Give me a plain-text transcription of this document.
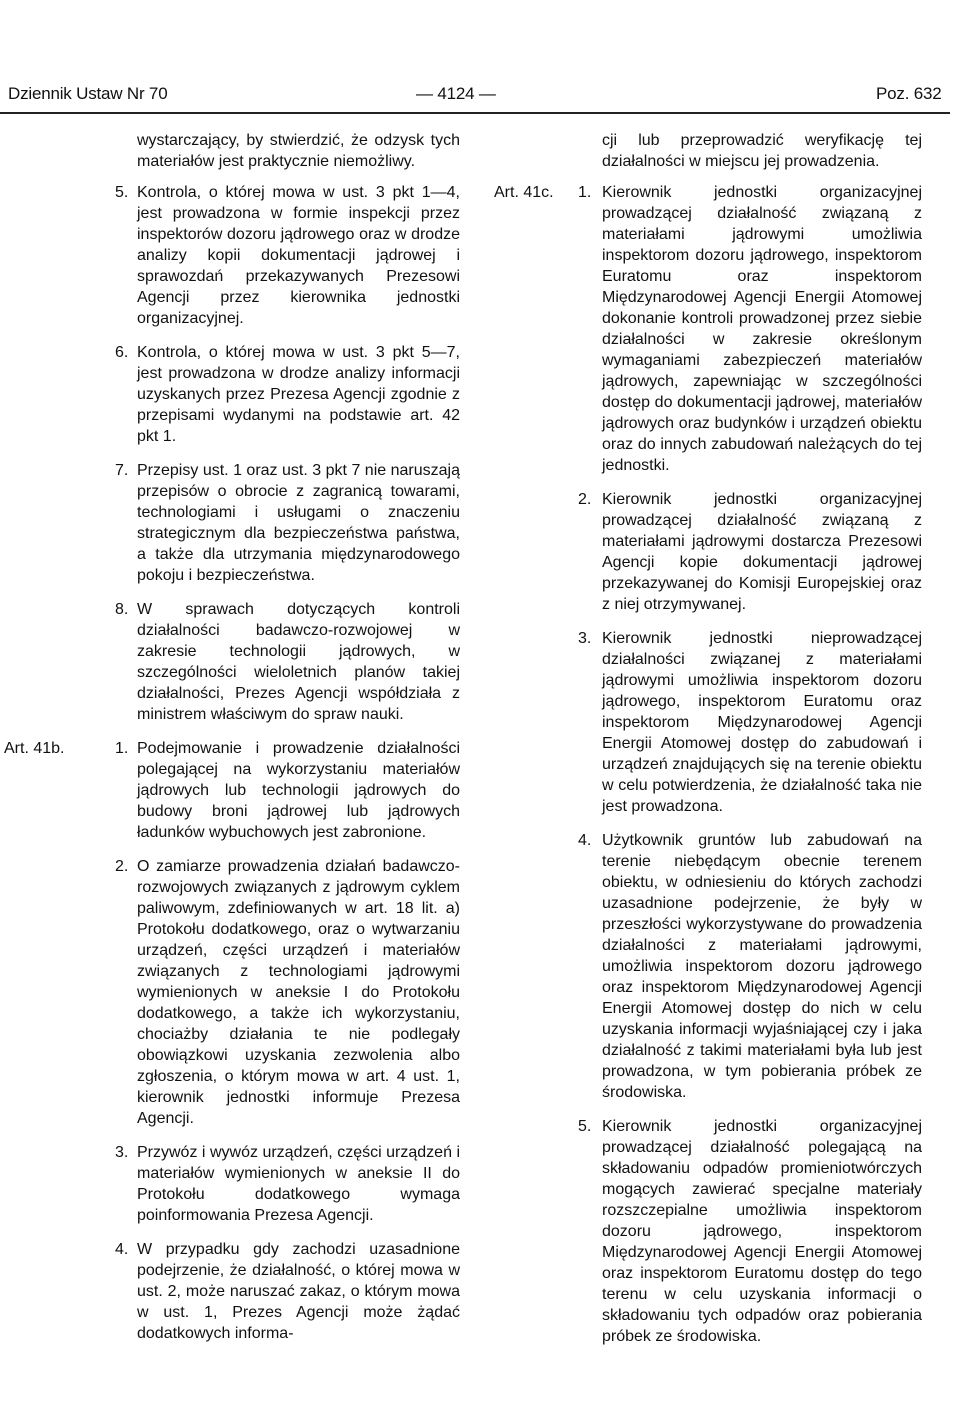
Dziennik Ustaw Nr 70	— 4124 —	Poz. 632
wystarczający, by stwierdzić, że odzysk tych materiałów jest praktycznie niemożliwy.
5. Kontrola, o której mowa w ust. 3 pkt 1—4, jest prowadzona w formie inspekcji przez inspektorów dozoru jądrowego oraz w drodze analizy kopii dokumentacji jądrowej i sprawozdań przekazywanych Prezesowi Agencji przez kierownika jednostki organizacyjnej.
6. Kontrola, o której mowa w ust. 3 pkt 5—7, jest prowadzona w drodze analizy informacji uzyskanych przez Prezesa Agencji zgodnie z przepisami wydanymi na podstawie art. 42 pkt 1.
7. Przepisy ust. 1 oraz ust. 3 pkt 7 nie naruszają przepisów o obrocie z zagranicą towarami, technologiami i usługami o znaczeniu strategicznym dla bezpieczeństwa państwa, a także dla utrzymania międzynarodowego pokoju i bezpieczeństwa.
8. W sprawach dotyczących kontroli działalności badawczo-rozwojowej w zakresie technologii jądrowych, w szczególności wieloletnich planów takiej działalności, Prezes Agencji współdziała z ministrem właściwym do spraw nauki.
Art. 41b.	1. Podejmowanie i prowadzenie działalności polegającej na wykorzystaniu materiałów jądrowych lub technologii jądrowych do budowy broni jądrowej lub jądrowych ładunków wybuchowych jest zabronione.
2. O zamiarze prowadzenia działań badawczo-rozwojowych związanych z jądrowym cyklem paliwowym, zdefiniowanych w art. 18 lit. a) Protokołu dodatkowego, oraz o wytwarzaniu urządzeń, części urządzeń i materiałów związanych z technologiami jądrowymi wymienionych w aneksie I do Protokołu dodatkowego, a także ich wykorzystaniu, chociażby działania te nie podlegały obowiązkowi uzyskania zezwolenia albo zgłoszenia, o którym mowa w art. 4 ust. 1, kierownik jednostki informuje Prezesa Agencji.
3. Przywóz i wywóz urządzeń, części urządzeń i materiałów wymienionych w aneksie II do Protokołu dodatkowego wymaga poinformowania Prezesa Agencji.
4. W przypadku gdy zachodzi uzasadnione podejrzenie, że działalność, o której mowa w ust. 2, może naruszać zakaz, o którym mowa w ust. 1, Prezes Agencji może żądać dodatkowych informa-
cji lub przeprowadzić weryfikację tej działalności w miejscu jej prowadzenia.
Art. 41c. 1. Kierownik jednostki organizacyjnej prowadzącej działalność związaną z materiałami jądrowymi umożliwia inspektorom dozoru jądrowego, inspektorom Euratomu oraz inspektorom Międzynarodowej Agencji Energii Atomowej dokonanie kontroli prowadzonej przez siebie działalności w zakresie określonym wymaganiami zabezpieczeń materiałów jądrowych, zapewniając w szczególności dostęp do dokumentacji jądrowej, materiałów jądrowych oraz budynków i urządzeń obiektu oraz do innych zabudowań należących do tej jednostki.
2. Kierownik jednostki organizacyjnej prowadzącej działalność związaną z materiałami jądrowymi dostarcza Prezesowi Agencji kopie dokumentacji jądrowej przekazywanej do Komisji Europejskiej oraz z niej otrzymywanej.
3. Kierownik jednostki nieprowadzącej działalności związanej z materiałami jądrowymi umożliwia inspektorom dozoru jądrowego, inspektorom Euratomu oraz inspektorom Międzynarodowej Agencji Energii Atomowej dostęp do zabudowań i urządzeń znajdujących się na terenie obiektu w celu potwierdzenia, że działalność taka nie jest prowadzona.
4. Użytkownik gruntów lub zabudowań na terenie niebędącym obecnie terenem obiektu, w odniesieniu do których zachodzi uzasadnione podejrzenie, że były w przeszłości wykorzystywane do prowadzenia działalności z materiałami jądrowymi, umożliwia inspektorom dozoru jądrowego oraz inspektorom Międzynarodowej Agencji Energii Atomowej dostęp do nich w celu uzyskania informacji wyjaśniającej czy i jaka działalność z takimi materiałami była lub jest prowadzona, w tym pobierania próbek ze środowiska.
5. Kierownik jednostki organizacyjnej prowadzącej działalność polegającą na składowaniu odpadów promieniotwórczych mogących zawierać specjalne materiały rozszczepialne umożliwia inspektorom dozoru jądrowego, inspektorom Międzynarodowej Agencji Energii Atomowej oraz inspektorom Euratomu dostęp do tego terenu w celu uzyskania informacji o składowaniu tych odpadów oraz pobierania próbek ze środowiska.
